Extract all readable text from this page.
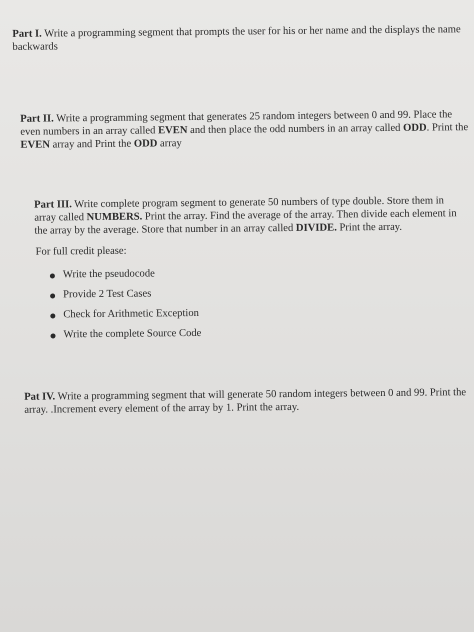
Part I. Write a programming segment that prompts the user for his or her name and the displays the name backwards
Part II. Write a programming segment that generates 25 random integers between 0 and 99. Place the even numbers in an array called EVEN and then place the odd numbers in an array called ODD. Print the EVEN array and Print the ODD array
Part III. Write complete program segment to generate 50 numbers of type double. Store them in array called NUMBERS. Print the array. Find the average of the array. Then divide each element in the array by the average. Store that number in an array called DIVIDE. Print the array.
For full credit please:
Write the pseudocode
Provide 2 Test Cases
Check for Arithmetic Exception
Write the complete Source Code
Pat IV. Write a programming segment that will generate 50 random integers between 0 and 99. Print the array. .Increment every element of the array by 1. Print the array.
